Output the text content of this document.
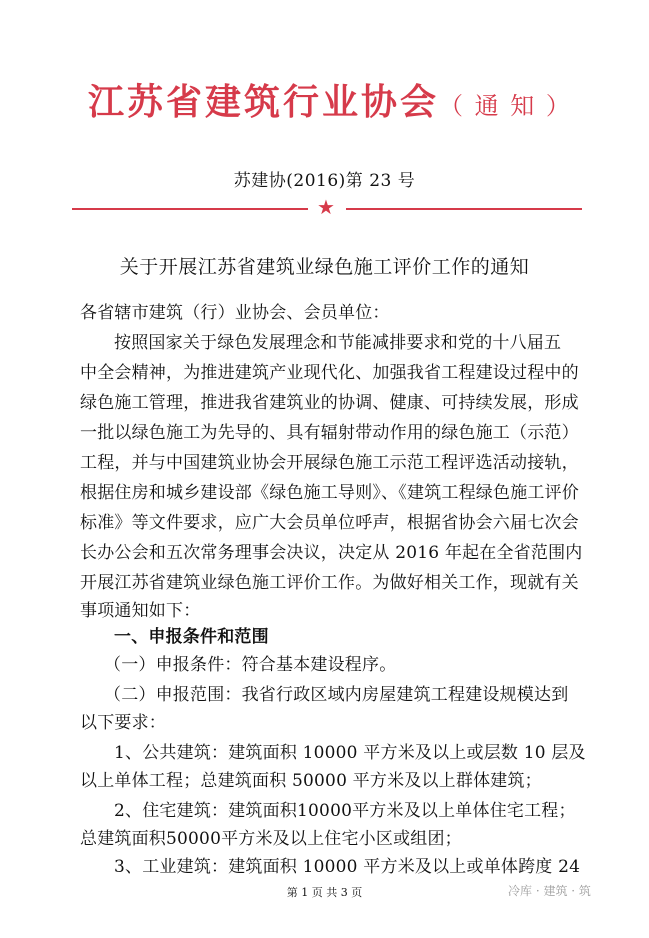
江苏省建筑行业协会（ 通 知 ）
苏建协(2016)第 23 号
★
关于开展江苏省建筑业绿色施工评价工作的通知
各省辖市建筑（行）业协会、会员单位：
按照国家关于绿色发展理念和节能减排要求和党的十八届五
中全会精神，为推进建筑产业现代化、加强我省工程建设过程中的
绿色施工管理，推进我省建筑业的协调、健康、可持续发展，形成
一批以绿色施工为先导的、具有辐射带动作用的绿色施工（示范）
工程，并与中国建筑业协会开展绿色施工示范工程评选活动接轨，
根据住房和城乡建设部《绿色施工导则》、《建筑工程绿色施工评价
标准》等文件要求，应广大会员单位呼声，根据省协会六届七次会
长办公会和五次常务理事会决议，决定从 2016 年起在全省范围内
开展江苏省建筑业绿色施工评价工作。为做好相关工作，现就有关
事项通知如下：
一、申报条件和范围
（一）申报条件：符合基本建设程序。
（二）申报范围：我省行政区域内房屋建筑工程建设规模达到
以下要求：
1、公共建筑：建筑面积 10000 平方米及以上或层数 10 层及
以上单体工程；总建筑面积 50000 平方米及以上群体建筑；
2、住宅建筑：建筑面积10000平方米及以上单体住宅工程；
总建筑面积50000平方米及以上住宅小区或组团；
3、工业建筑：建筑面积 10000 平方米及以上或单体跨度 24
第 1 页 共 3 页	冷库 · 建筑 · 筑
